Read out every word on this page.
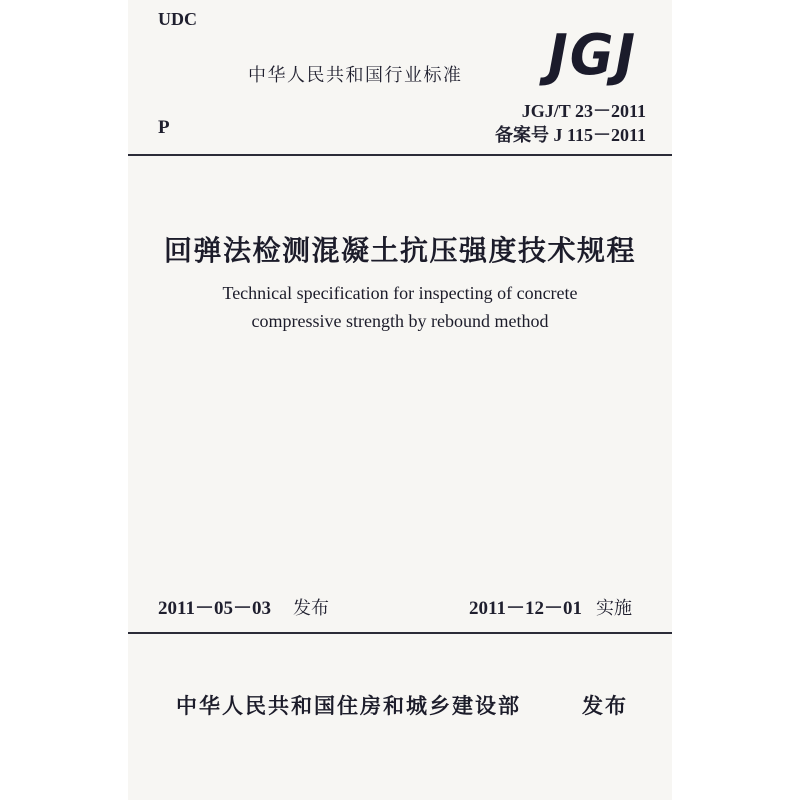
UDC

中华人民共和国行业标准 JGJ

JGJ/T 23－2011

备案号 J 115－2011

P

回弹法检测混凝土抗压强度技术规程

Technical specification for inspecting of concrete

compressive strength by rebound method

2011－05－03 发布	2011－12－01 实施

中华人民共和国住房和城乡建设部	发布
